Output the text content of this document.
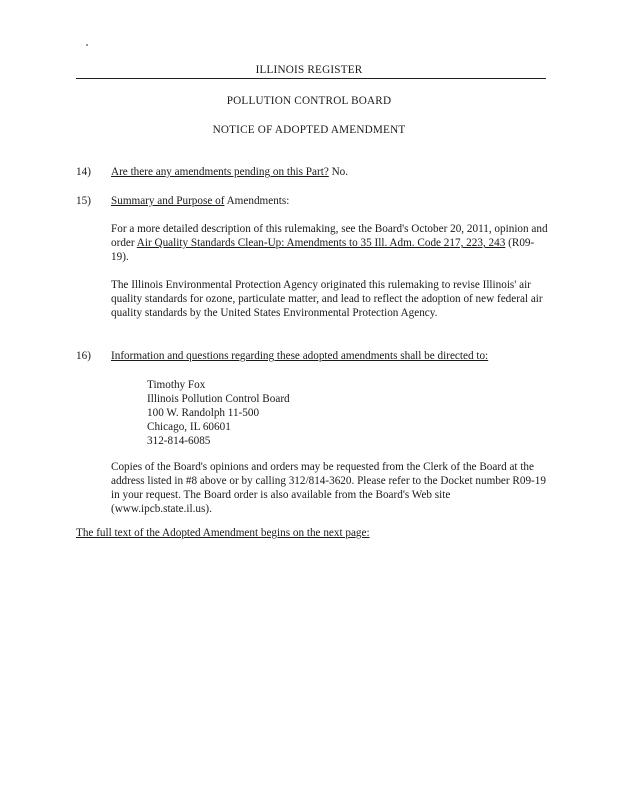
ILLINOIS REGISTER
POLLUTION CONTROL BOARD
NOTICE OF ADOPTED AMENDMENT
14) Are there any amendments pending on this Part? No.
15) Summary and Purpose of Amendments:
For a more detailed description of this rulemaking, see the Board's October 20, 2011, opinion and order Air Quality Standards Clean-Up: Amendments to 35 Ill. Adm. Code 217, 223, 243 (R09-19).
The Illinois Environmental Protection Agency originated this rulemaking to revise Illinois' air quality standards for ozone, particulate matter, and lead to reflect the adoption of new federal air quality standards by the United States Environmental Protection Agency.
16) Information and questions regarding these adopted amendments shall be directed to:
Timothy Fox
Illinois Pollution Control Board
100 W. Randolph 11-500
Chicago, IL 60601
312-814-6085
Copies of the Board's opinions and orders may be requested from the Clerk of the Board at the address listed in #8 above or by calling 312/814-3620. Please refer to the Docket number R09-19 in your request. The Board order is also available from the Board's Web site (www.ipcb.state.il.us).
The full text of the Adopted Amendment begins on the next page:
